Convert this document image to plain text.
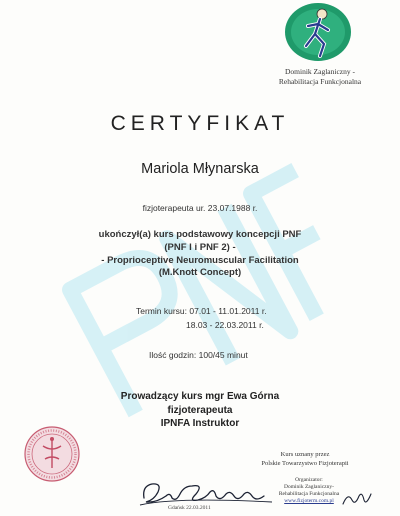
Dominik Zaglaniczny -
Rehabilitacja Funkcjonalna
CERTYFIKAT
Mariola Młynarska
fizjoterapeuta ur. 23.07.1988 r.
ukończył(a) kurs podstawowy koncepcji PNF
(PNF I i PNF 2) -
- Proprioceptive Neuromuscular Facilitation
(M.Knott Concept)
Termin kursu: 07.01 - 11.01.2011 r.
18.03 - 22.03.2011 r.
Ilość godzin: 100/45 minut
Prowadzący kurs mgr Ewa Górna
fizjoterapeuta
IPNFA Instruktor
Kurs uznany przez
Polskie Towarzystwo Fizjoterapii
Gdańsk 22.03.2011
Organizator:
Dominik Zaglaniczny-
Rehabilitacja Funkcjonalna
www.fizjoterm.com.pl
